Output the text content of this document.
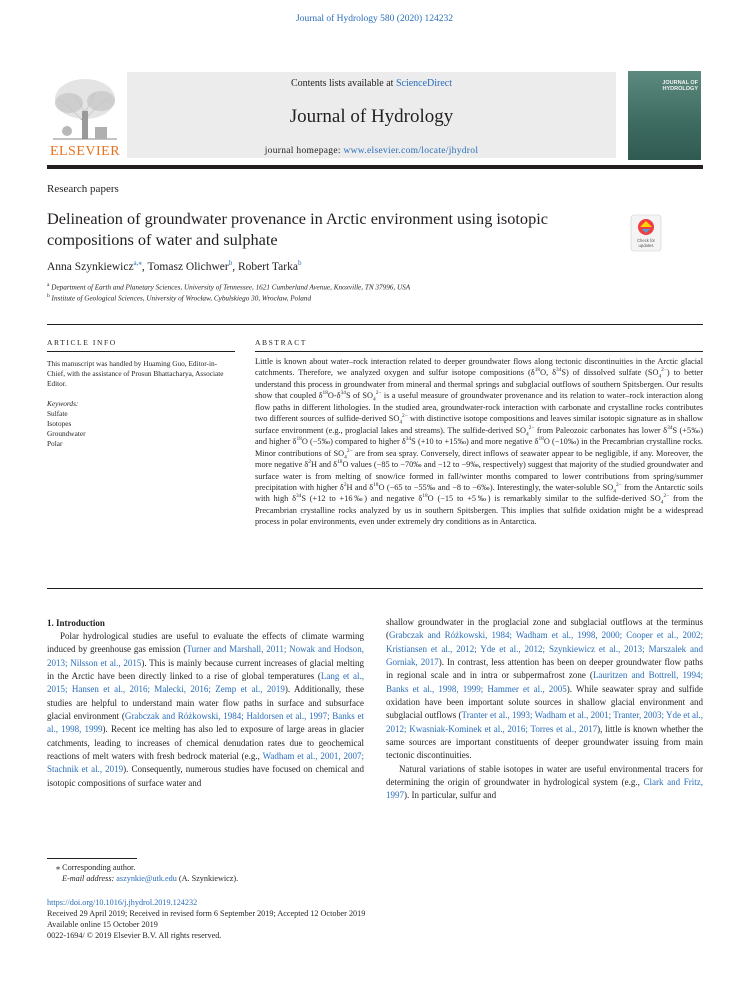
Journal of Hydrology 580 (2020) 124232
ELSEVIER
Contents lists available at ScienceDirect
Journal of Hydrology
journal homepage: www.elsevier.com/locate/jhydrol
JOURNAL OF HYDROLOGY
Research papers
Delineation of groundwater provenance in Arctic environment using isotopic compositions of water and sulphate	Check for
updates
Anna Szynkiewicz$^{a,⁎}$, Tomasz Olichwer$^b$, Robert Tarka$^b$
$^a$ Department of Earth and Planetary Sciences, University of Tennessee, 1621 Cumberland Avenue, Knoxville, TN 37996, USA
$^b$ Institute of Geological Sciences, University of Wrocław, Cybulskiego 30, Wrocław, Poland
ARTICLE INFO	ABSTRACT
This manuscript was handled by Huaming Guo, Editor-in-Chief, with the assistance of Prosun Bhattacharya, Associate Editor.
Keywords:
Sulfate
Isotopes
Groundwater
Polar
Little is known about water–rock interaction related to deeper groundwater flows along tectonic discontinuities in the Arctic glacial catchments. Therefore, we analyzed oxygen and sulfur isotope compositions ($\delta^{18}O$, $\delta^{34}S$) of dissolved sulfate $(SO_4^{2-})$ to better understand this process in groundwater from mineral and thermal springs and subglacial outflows of southern Spitsbergen. Our results show that coupled $\delta^{18}O-\delta^{34}S$ of $SO_4^{2-}$ is a useful measure of groundwater provenance and its relation to water–rock interaction along flow paths in different lithologies. In the studied area, groundwater-rock interaction with carbonate and crystalline rocks contributes two different sources of sulfide-derived $SO_4^{2-}$ with distinctive isotope compositions and leaves similar isotopic signature as in shallow surface environment (e.g., proglacial lakes and streams). The sulfide-derived $SO_4^{2-}$ from Paleozoic carbonates has lower $\delta^{34}S$ (+5‰) and higher $\delta^{18}O$ (−5‰) compared to higher $\delta^{34}S$ (+10 to +15‰) and more negative $\delta^{18}O$ (−10‰) in the Precambrian crystalline rocks. Minor contributions of $SO_4^{2-}$ are from sea spray. Conversely, direct inflows of seawater appear to be negligible, if any. Moreover, the more negative $\delta^2H$ and $\delta^{18}O$ values (−85 to −70‰ and −12 to −9‰, respectively) suggest that majority of the studied groundwater and surface water is from melting of snow/ice formed in fall/winter months compared to lower contributions from spring/summer precipitation with higher $\delta^2H$ and $\delta^{18}O$ (−65 to −55‰ and −8 to −6‰). Interestingly, the water-soluble $SO_4^{2-}$ from the Antarctic soils with high $\delta^{34}S$ (+12 to +16‰) and negative $\delta^{18}O$ (−15 to +5‰) is remarkably similar to the sulfide-derived $SO_4^{2-}$ from the Precambrian crystalline rocks analyzed by us in southern Spitsbergen. This implies that sulfide oxidation might be a widespread process in polar environments, even under extremely dry conditions as in Antarctica.
1. Introduction

Polar hydrological studies are useful to evaluate the effects of climate warming induced by greenhouse gas emission (Turner and Marshall, 2011; Nowak and Hodson, 2013; Nilsson et al., 2015). This is mainly because current increases of glacial melting in the Arctic have been directly linked to a rise of global temperatures (Lang et al., 2015; Hansen et al., 2016; Malecki, 2016; Zemp et al., 2019). Additionally, these studies are helpful to understand main water flow paths in surface and subsurface glacial environment (Grabczak and Różkowski, 1984; Haldorsen et al., 1997; Banks et al., 1998, 1999). Recent ice melting has also led to exposure of large areas in glacier catchments, leading to increases of chemical denudation rates due to geochemical reactions of melt waters with fresh bedrock material (e.g., Wadham et al., 2001, 2007; Stachnik et al., 2019). Consequently, numerous studies have focused on chemical and isotopic compositions of surface water and

shallow groundwater in the proglacial zone and subglacial outflows at the terminus (Grabczak and Różkowski, 1984; Wadham et al., 1998, 2000; Cooper et al., 2002; Kristiansen et al., 2012; Yde et al., 2012; Szynkiewicz et al., 2013; Marszalek and Gorniak, 2017). In contrast, less attention has been on deeper groundwater flow paths in regional scale and in intra or subpermafrost zone (Lauritzen and Bottrell, 1994; Banks et al., 1998, 1999; Hammer et al., 2005). While seawater spray and sulfide oxidation have been important solute sources in shallow glacial environment and subglacial outflows (Tranter et al., 1993; Wadham et al., 2001; Tranter, 2003; Yde et al., 2012; Kwasniak-Kominek et al., 2016; Torres et al., 2017), little is known whether the same sources are important constituents of deeper groundwater issuing from main tectonic discontinuities.

Natural variations of stable isotopes in water are useful environmental tracers for determining the origin of groundwater in hydrological system (e.g., Clark and Fritz, 1997). In particular, sulfur and

⁎ Corresponding author.
E-mail address: aszynkie@utk.edu (A. Szynkiewicz).
https://doi.org/10.1016/j.jhydrol.2019.124232
Received 29 April 2019; Received in revised form 6 September 2019; Accepted 12 October 2019
Available online 15 October 2019
0022-1694/ © 2019 Elsevier B.V. All rights reserved.
